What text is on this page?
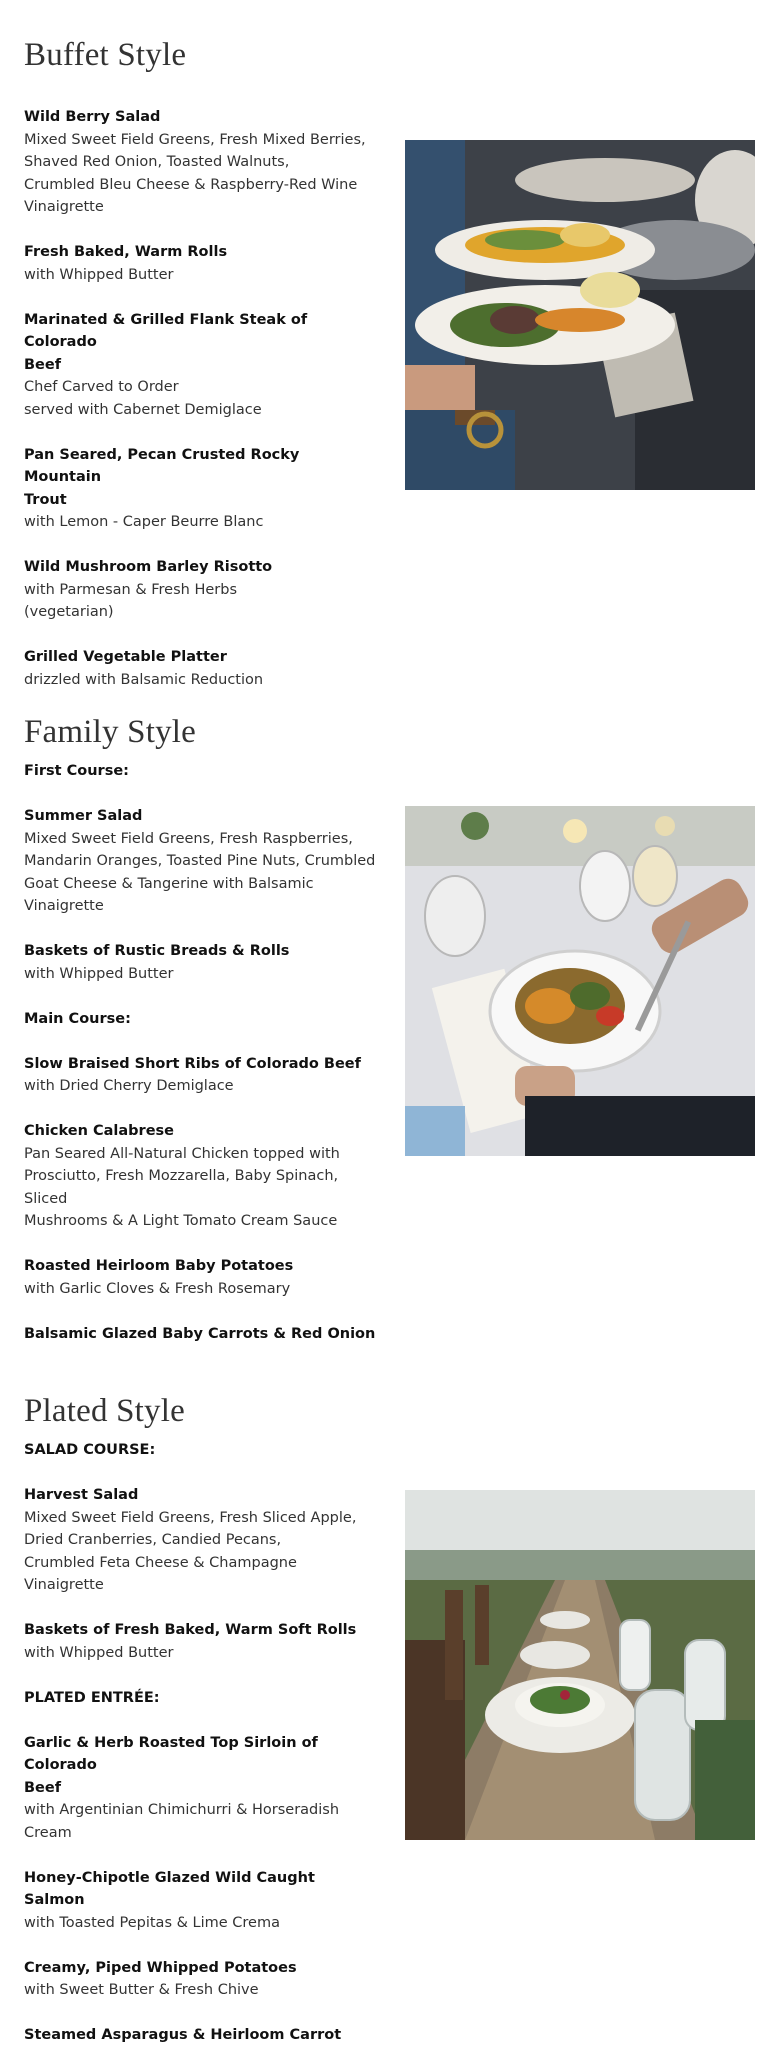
Buffet Style
Wild Berry Salad
Mixed Sweet Field Greens, Fresh Mixed Berries,
Shaved Red Onion, Toasted Walnuts,
Crumbled Bleu Cheese & Raspberry-Red Wine
Vinaigrette
Fresh Baked, Warm Rolls
with Whipped Butter
Marinated & Grilled Flank Steak of Colorado
Beef
Chef Carved to Order
served with Cabernet Demiglace
Pan Seared, Pecan Crusted Rocky Mountain
Trout
with Lemon - Caper Beurre Blanc
Wild Mushroom Barley Risotto
with Parmesan & Fresh Herbs
(vegetarian)
Grilled Vegetable Platter
drizzled with Balsamic Reduction
Family Style
First Course:
Summer Salad
Mixed Sweet Field Greens, Fresh Raspberries,
Mandarin Oranges, Toasted Pine Nuts, Crumbled
Goat Cheese & Tangerine with Balsamic
Vinaigrette
Baskets of Rustic Breads & Rolls
with Whipped Butter
Main Course:
Slow Braised Short Ribs of Colorado Beef
with Dried Cherry Demiglace
Chicken Calabrese
Pan Seared All-Natural Chicken topped with
Prosciutto, Fresh Mozzarella, Baby Spinach, Sliced
Mushrooms & A Light Tomato Cream Sauce
Roasted Heirloom Baby Potatoes
with Garlic Cloves & Fresh Rosemary
Balsamic Glazed Baby Carrots & Red Onion
Plated Style
SALAD COURSE:
Harvest Salad
Mixed Sweet Field Greens, Fresh Sliced Apple,
Dried Cranberries, Candied Pecans,
Crumbled Feta Cheese & Champagne Vinaigrette
Baskets of Fresh Baked, Warm Soft Rolls
with Whipped Butter
PLATED ENTRÉE:
Garlic & Herb Roasted Top Sirloin of Colorado
Beef
with Argentinian Chimichurri & Horseradish
Cream
Honey-Chipotle Glazed Wild Caught Salmon
with Toasted Pepitas & Lime Crema
Creamy, Piped Whipped Potatoes
with Sweet Butter & Fresh Chive
Steamed Asparagus & Heirloom Carrot
